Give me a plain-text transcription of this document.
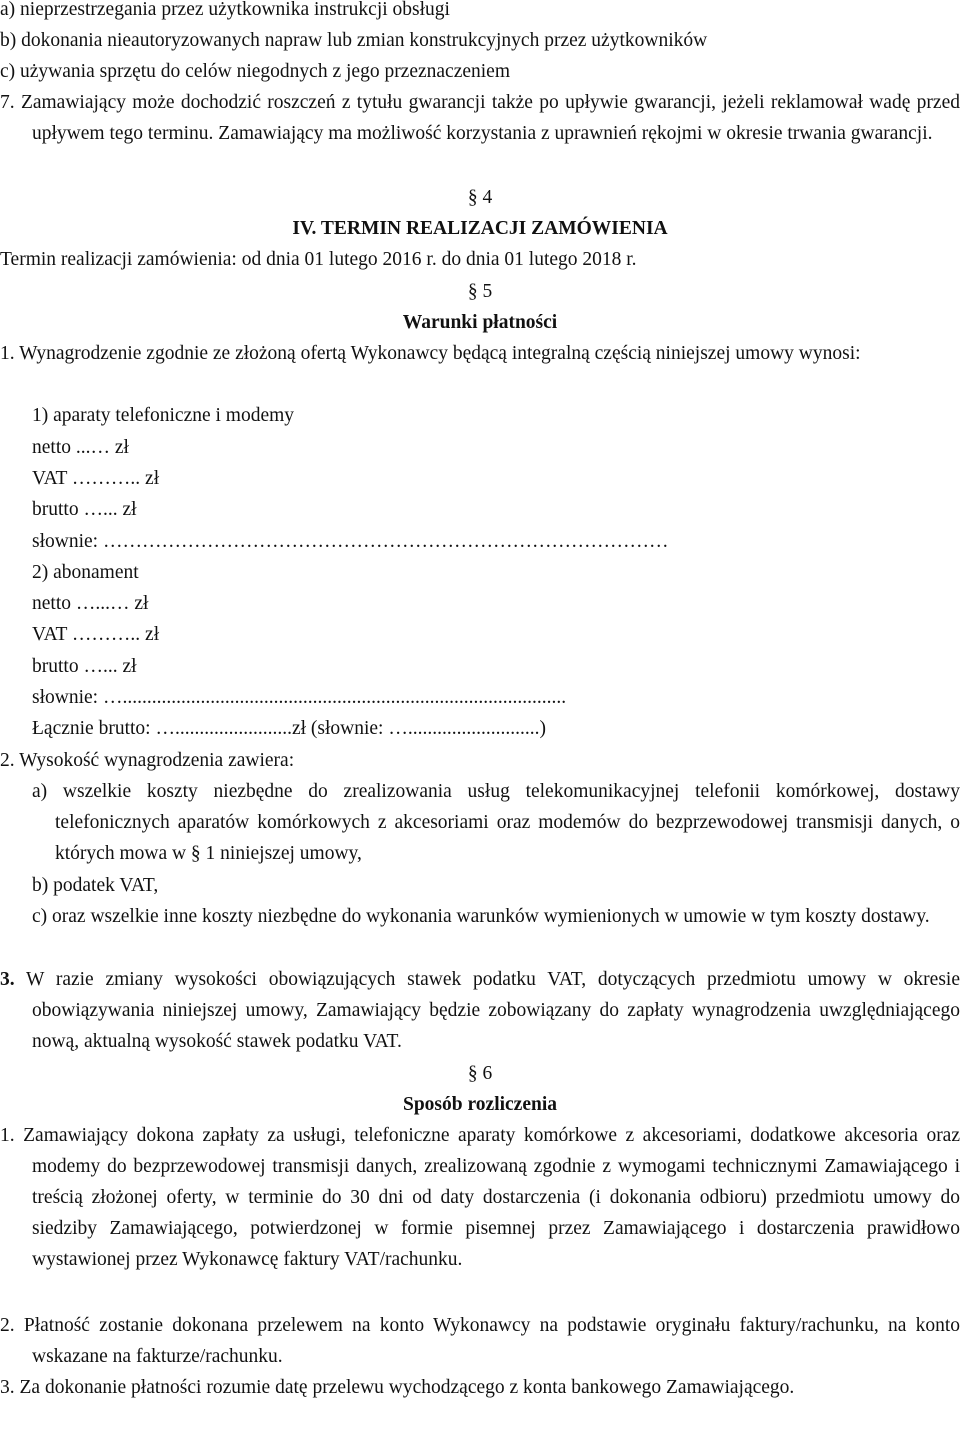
a) nieprzestrzegania przez użytkownika instrukcji obsługi
b) dokonania nieautoryzowanych napraw lub zmian konstrukcyjnych przez użytkowników
c) używania sprzętu do celów niegodnych z jego przeznaczeniem
7. Zamawiający może dochodzić roszczeń z tytułu gwarancji także po upływie gwarancji, jeżeli reklamował wadę przed upływem tego terminu. Zamawiający ma możliwość korzystania z uprawnień rękojmi w okresie trwania gwarancji.
§ 4
IV. TERMIN REALIZACJI ZAMÓWIENIA
Termin realizacji zamówienia: od dnia 01 lutego 2016 r. do dnia 01 lutego 2018 r.
§ 5
Warunki płatności
1. Wynagrodzenie zgodnie ze złożoną ofertą Wykonawcy będącą integralną częścią niniejszej umowy wynosi:
1) aparaty telefoniczne i modemy
netto ...… zł
VAT ……….. zł
brutto …... zł
słownie: ……………………………………………………………………………
2) abonament
netto …...… zł
VAT ……….. zł
brutto …... zł
słownie: …...........................................................................................
Łącznie brutto: …........................zł (słownie: …...........................)
2. Wysokość wynagrodzenia zawiera:
a) wszelkie koszty niezbędne do zrealizowania usług telekomunikacyjnej telefonii komórkowej, dostawy telefonicznych aparatów komórkowych z akcesoriami oraz modemów do bezprzewodowej transmisji danych, o których mowa w § 1 niniejszej umowy,
b) podatek VAT,
c) oraz wszelkie inne koszty niezbędne do wykonania warunków wymienionych w umowie w tym koszty dostawy.
3. W razie zmiany wysokości obowiązujących stawek podatku VAT, dotyczących przedmiotu umowy w okresie obowiązywania niniejszej umowy, Zamawiający będzie zobowiązany do zapłaty wynagrodzenia uwzględniającego nową, aktualną wysokość stawek podatku VAT.
§ 6
Sposób rozliczenia
1. Zamawiający dokona zapłaty za usługi, telefoniczne aparaty komórkowe z akcesoriami, dodatkowe akcesoria oraz modemy do bezprzewodowej transmisji danych, zrealizowaną zgodnie z wymogami technicznymi Zamawiającego i treścią złożonej oferty, w terminie do 30 dni od daty dostarczenia (i dokonania odbioru) przedmiotu umowy do siedziby Zamawiającego, potwierdzonej w formie pisemnej przez Zamawiającego i dostarczenia prawidłowo wystawionej przez Wykonawcę faktury VAT/rachunku.
2. Płatność zostanie dokonana przelewem na konto Wykonawcy na podstawie oryginału faktury/rachunku, na konto wskazane na fakturze/rachunku.
3. Za dokonanie płatności rozumie datę przelewu wychodzącego z konta bankowego Zamawiającego.
